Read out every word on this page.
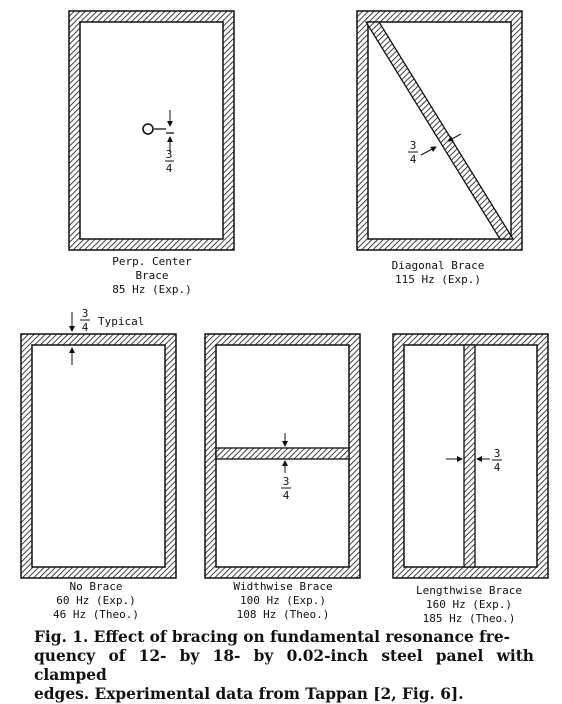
3
4
Perp. Center
Brace
85 Hz (Exp.)
3
4
Diagonal Brace
115 Hz (Exp.)
3
4 Typical
No Brace
60 Hz (Exp.)
46 Hz (Theo.)
3
4
Widthwise Brace
100 Hz (Exp.)
108 Hz (Theo.)
3
4
Lengthwise Brace
160 Hz (Exp.)
185 Hz (Theo.)
Fig. 1. Effect of bracing on fundamental resonance fre-
quency of 12- by 18- by 0.02-inch steel panel with clamped
edges. Experimental data from Tappan [2, Fig. 6].
